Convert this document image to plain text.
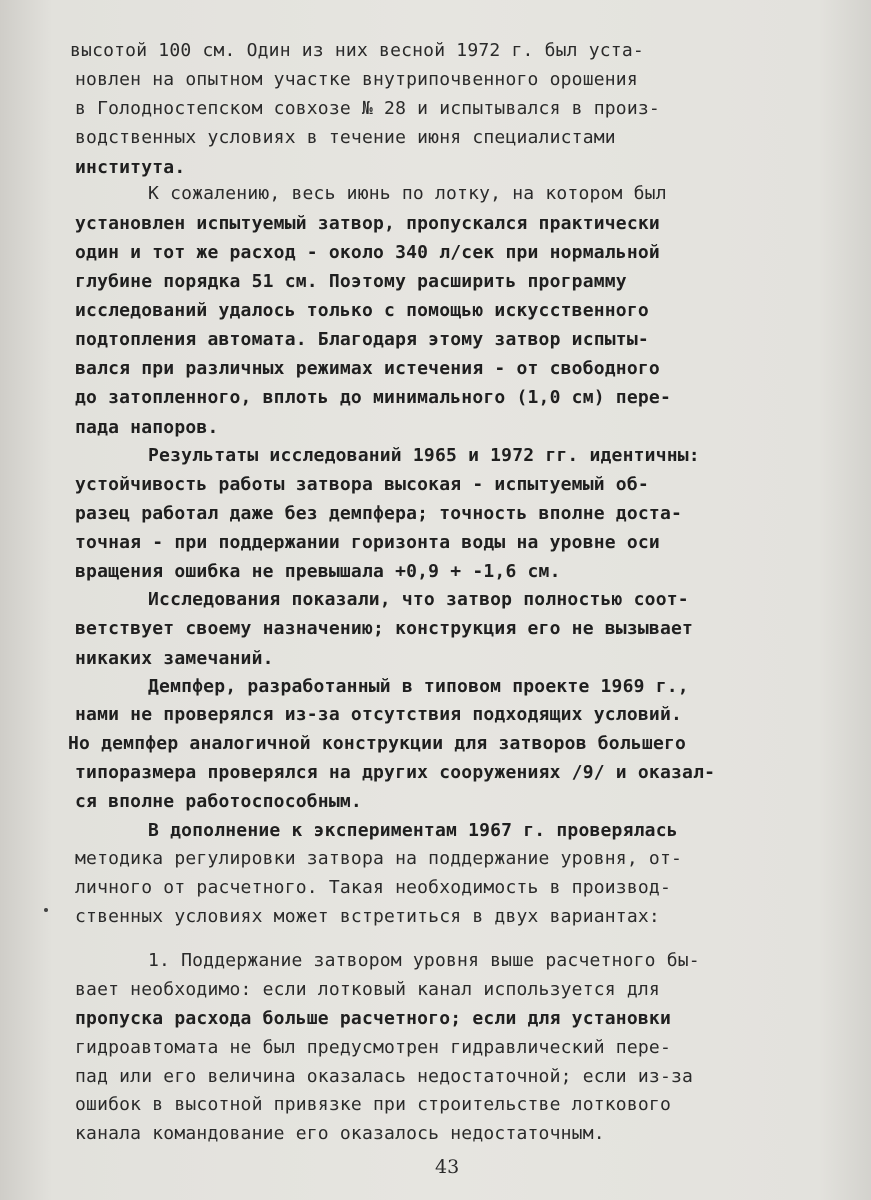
высотой 100 см. Один из них весной 1972 г. был уста-
новлен на опытном участке внутрипочвенного орошения
в Голодностепском совхозе № 28 и испытывался в произ-
водственных условиях в течение июня специалистами
института.
К сожалению, весь июнь по лотку, на котором был
установлен испытуемый затвор, пропускался практически
один и тот же расход - около 340 л/сек при нормальной
глубине порядка 51 см. Поэтому расширить программу
исследований удалось только с помощью искусственного
подтопления автомата. Благодаря этому затвор испыты-
вался при различных режимах истечения - от свободного
до затопленного, вплоть до минимального (1,0 см) пере-
пада напоров.
Результаты исследований 1965 и 1972 гг. идентичны:
устойчивость работы затвора высокая - испытуемый об-
разец работал даже без демпфера; точность вполне доста-
точная - при поддержании горизонта воды на уровне оси
вращения ошибка не превышала +0,9 + -1,6 см.
Исследования показали, что затвор полностью соот-
ветствует своему назначению; конструкция его не вызывает
никаких замечаний.
Демпфер, разработанный в типовом проекте 1969 г.,
нами не проверялся из-за отсутствия подходящих условий.
Но демпфер аналогичной конструкции для затворов большего
типоразмера проверялся на других сооружениях /9/ и оказал-
ся вполне работоспособным.
В дополнение к экспериментам 1967 г. проверялась
методика регулировки затвора на поддержание уровня, от-
личного от расчетного. Такая необходимость в производ-
ственных условиях может встретиться в двух вариантах:
1. Поддержание затвором уровня выше расчетного бы-
вает необходимо: если лотковый канал используется для
пропуска расхода больше расчетного; если для установки
гидроавтомата не был предусмотрен гидравлический пере-
пад или его величина оказалась недостаточной; если из-за
ошибок в высотной привязке при строительстве лоткового
канала командование его оказалось недостаточным.
43
